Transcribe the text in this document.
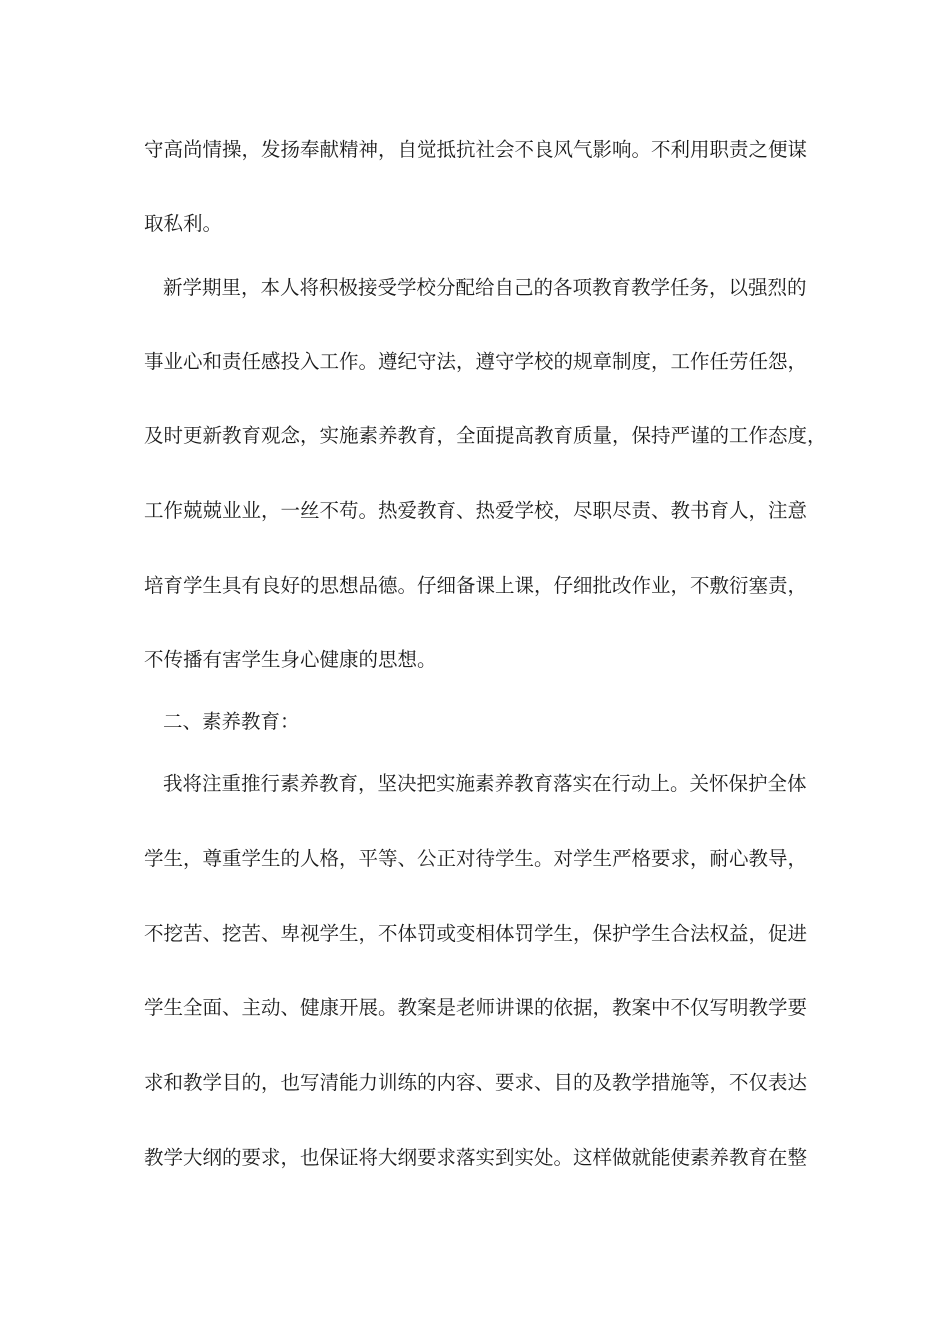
守高尚情操，发扬奉献精神，自觉抵抗社会不良风气影响。不利用职责之便谋
取私利。
新学期里，本人将积极接受学校分配给自己的各项教育教学任务，以强烈的
事业心和责任感投入工作。遵纪守法，遵守学校的规章制度，工作任劳任怨，
及时更新教育观念，实施素养教育，全面提高教育质量，保持严谨的工作态度，
工作兢兢业业，一丝不苟。热爱教育、热爱学校，尽职尽责、教书育人，注意
培育学生具有良好的思想品德。仔细备课上课，仔细批改作业，不敷衍塞责，
不传播有害学生身心健康的思想。
二、素养教育：
我将注重推行素养教育，坚决把实施素养教育落实在行动上。关怀保护全体
学生，尊重学生的人格，平等、公正对待学生。对学生严格要求，耐心教导，
不挖苦、挖苦、卑视学生，不体罚或变相体罚学生，保护学生合法权益，促进
学生全面、主动、健康开展。教案是老师讲课的依据，教案中不仅写明教学要
求和教学目的，也写清能力训练的内容、要求、目的及教学措施等，不仅表达
教学大纲的要求，也保证将大纲要求落实到实处。这样做就能使素养教育在整
